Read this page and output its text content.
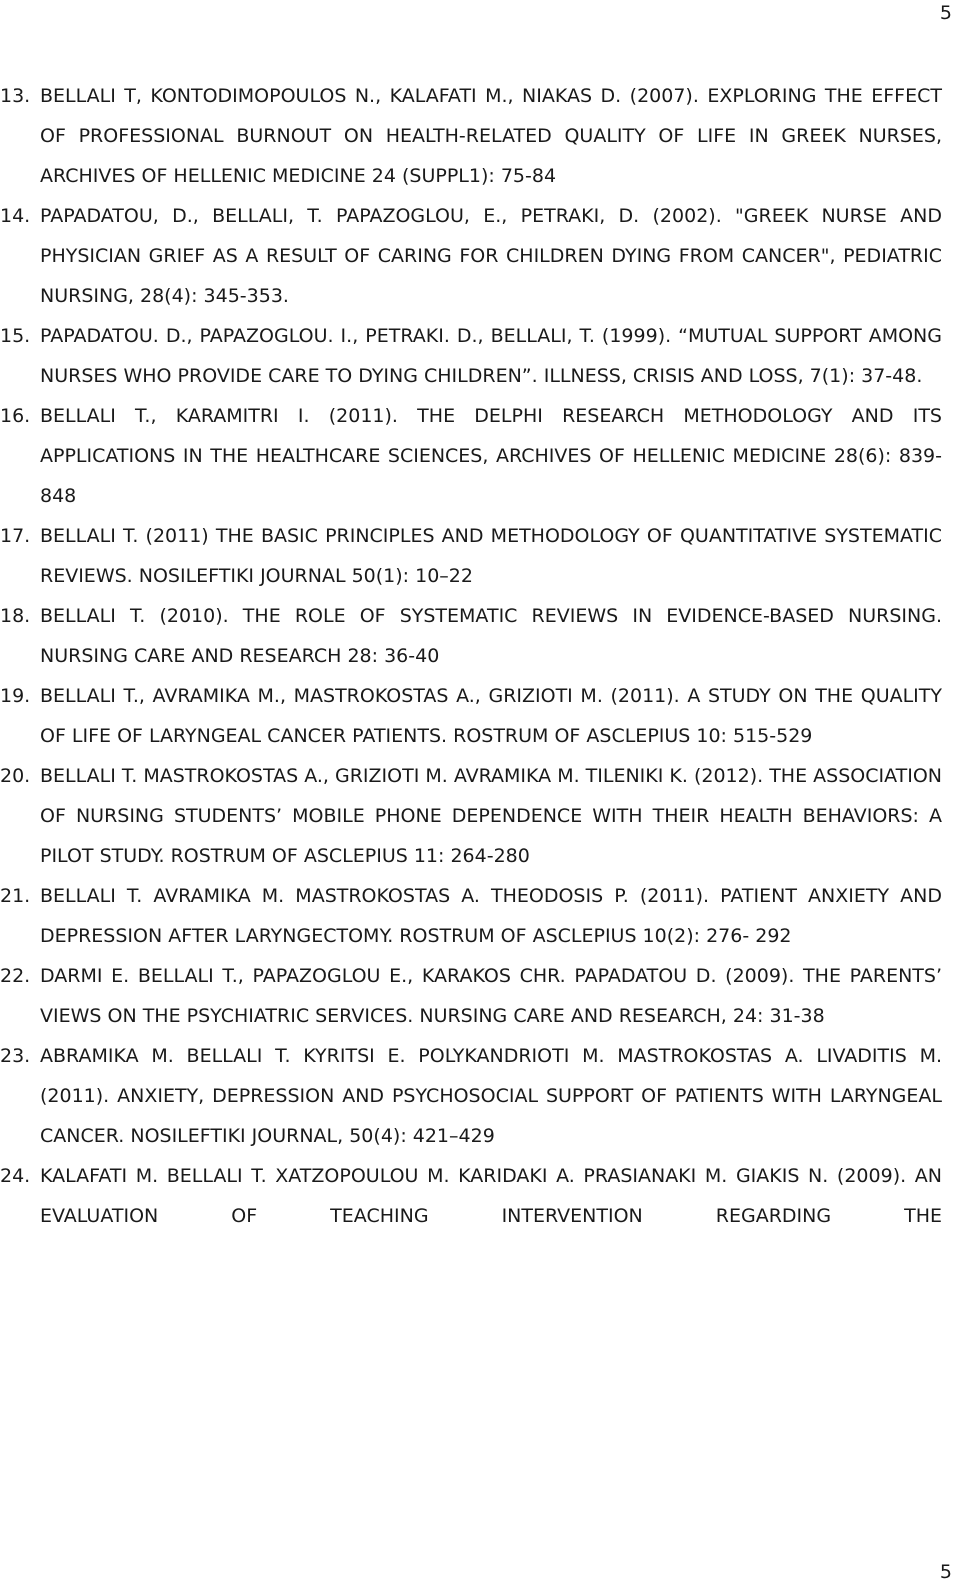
5
13. BELLALI T, KONTODIMOPOULOS N., KALAFATI M., NIAKAS D. (2007). EXPLORING THE EFFECT OF PROFESSIONAL BURNOUT ON HEALTH-RELATED QUALITY OF LIFE IN GREEK NURSES, ARCHIVES OF HELLENIC MEDICINE 24 (SUPPL1): 75-84
14. PAPADATOU, D., BELLALI, T. PAPAZOGLOU, E., PETRAKI, D. (2002). "GREEK NURSE AND PHYSICIAN GRIEF AS A RESULT OF CARING FOR CHILDREN DYING FROM CANCER", PEDIATRIC NURSING, 28(4): 345-353.
15. PAPADATOU. D., PAPAZOGLOU. I., PETRAKI. D., BELLALI, T. (1999). “MUTUAL SUPPORT AMONG NURSES WHO PROVIDE CARE TO DYING CHILDREN”. ILLNESS, CRISIS AND LOSS, 7(1): 37-48.
16. BELLALI T., KARAMITRI I. (2011). THE DELPHI RESEARCH METHODOLOGY AND ITS APPLICATIONS IN THE HEALTHCARE SCIENCES, ARCHIVES OF HELLENIC MEDICINE 28(6): 839-848
17. BELLALI T. (2011) THE BASIC PRINCIPLES AND METHODOLOGY OF QUANTITATIVE SYSTEMATIC REVIEWS. NOSILEFTIKI JOURNAL 50(1): 10–22
18. BELLALI T. (2010). THE ROLE OF SYSTEMATIC REVIEWS IN EVIDENCE-BASED NURSING. NURSING CARE AND RESEARCH 28: 36-40
19. BELLALI T., AVRAMIKA M., MASTROKOSTAS A., GRIZIOTI M. (2011). A STUDY ON THE QUALITY OF LIFE OF LARYNGEAL CANCER PATIENTS. ROSTRUM OF ASCLEPIUS 10: 515-529
20. BELLALI T. MASTROKOSTAS A., GRIZIOTI M. AVRAMIKA M. TILENIKI K. (2012). THE ASSOCIATION OF NURSING STUDENTS’ MOBILE PHONE DEPENDENCE WITH THEIR HEALTH BEHAVIORS: A PILOT STUDY. ROSTRUM OF ASCLEPIUS 11: 264-280
21. BELLALI T. AVRAMIKA M. MASTROKOSTAS A. THEODOSIS P. (2011). PATIENT ANXIETY AND DEPRESSION AFTER LARYNGECTOMY. ROSTRUM OF ASCLEPIUS 10(2): 276- 292
22. DARMI E. BELLALI T., PAPAZOGLOU E., KARAKOS CHR. PAPADATOU D. (2009). THE PARENTS’ VIEWS ON THE PSYCHIATRIC SERVICES. NURSING CARE AND RESEARCH, 24: 31-38
23. ABRAMIKA M. BELLALI T. KYRITSI E. POLYKANDRIOTI M. MASTROKOSTAS A. LIVADITIS M. (2011). ANXIETY, DEPRESSION AND PSYCHOSOCIAL SUPPORT OF PATIENTS WITH LARYNGEAL CANCER. NOSILEFTIKI JOURNAL, 50(4): 421–429
24. KALAFATI M. BELLALI T. XATZOPOULOU M. KARIDAKI A. PRASIANAKI M. GIAKIS N. (2009). AN EVALUATION OF TEACHING INTERVENTION REGARDING THE
5
